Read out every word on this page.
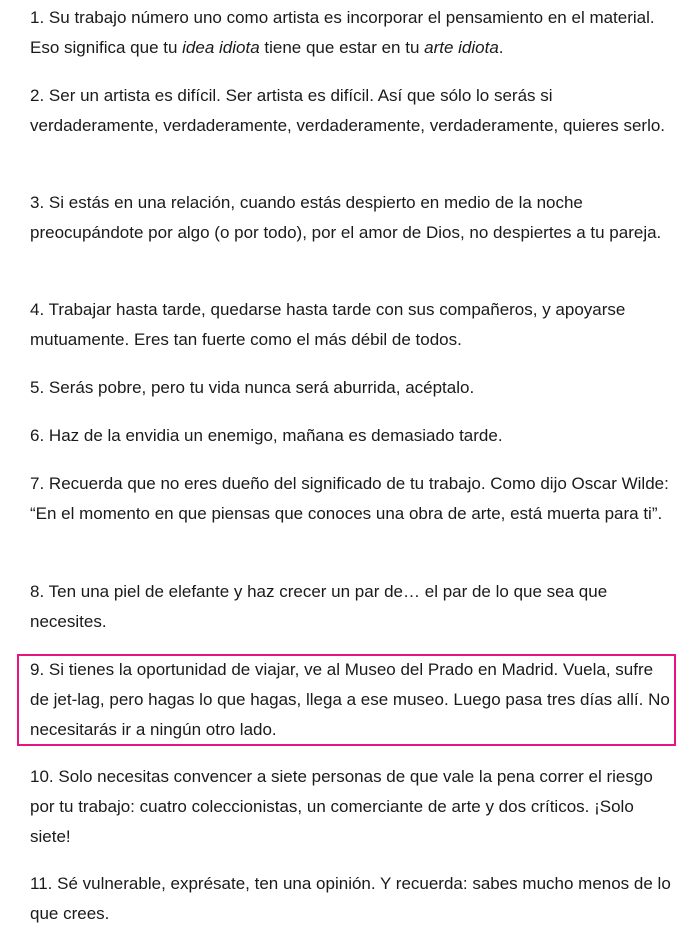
1. Su trabajo número uno como artista es incorporar el pensamiento en el material. Eso significa que tu idea idiota tiene que estar en tu arte idiota.

2. Ser un artista es difícil. Ser artista es difícil. Así que sólo lo serás si verdaderamente, verdaderamente, verdaderamente, verdaderamente, quieres serlo.

3. Si estás en una relación, cuando estás despierto en medio de la noche preocupándote por algo (o por todo), por el amor de Dios, no despiertes a tu pareja.

4. Trabajar hasta tarde, quedarse hasta tarde con sus compañeros, y apoyarse mutuamente. Eres tan fuerte como el más débil de todos.

5. Serás pobre, pero tu vida nunca será aburrida, acéptalo.

6. Haz de la envidia un enemigo, mañana es demasiado tarde.

7. Recuerda que no eres dueño del significado de tu trabajo. Como dijo Oscar Wilde: “En el momento en que piensas que conoces una obra de arte, está muerta para ti”.

8. Ten una piel de elefante y haz crecer un par de… el par de lo que sea que necesites.

9. Si tienes la oportunidad de viajar, ve al Museo del Prado en Madrid. Vuela, sufre de jet-lag, pero hagas lo que hagas, llega a ese museo. Luego pasa tres días allí. No necesitarás ir a ningún otro lado.

10. Solo necesitas convencer a siete personas de que vale la pena correr el riesgo por tu trabajo: cuatro coleccionistas, un comerciante de arte y dos críticos. ¡Solo siete!

11. Sé vulnerable, exprésate, ten una opinión. Y recuerda: sabes mucho menos de lo que crees.
